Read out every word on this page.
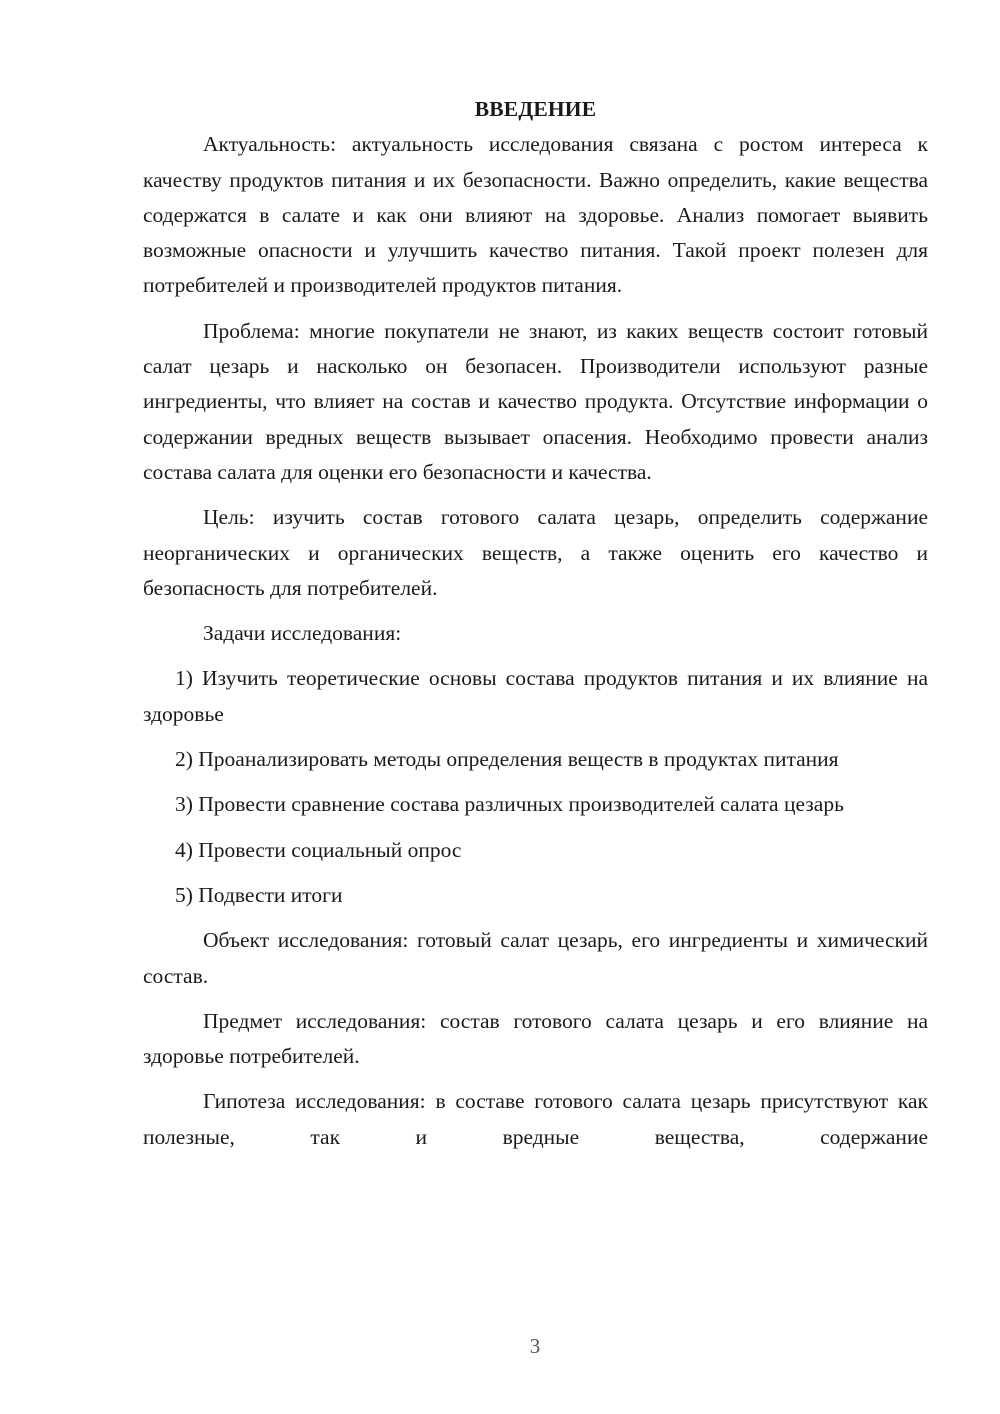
ВВЕДЕНИЕ

Актуальность: актуальность исследования связана с ростом интереса к качеству продуктов питания и их безопасности. Важно определить, какие вещества содержатся в салате и как они влияют на здоровье. Анализ помогает выявить возможные опасности и улучшить качество питания. Такой проект полезен для потребителей и производителей продуктов питания.

Проблема: многие покупатели не знают, из каких веществ состоит готовый салат цезарь и насколько он безопасен. Производители используют разные ингредиенты, что влияет на состав и качество продукта. Отсутствие информации о содержании вредных веществ вызывает опасения. Необходимо провести анализ состава салата для оценки его безопасности и качества.

Цель: изучить состав готового салата цезарь, определить содержание неорганических и органических веществ, а также оценить его качество и безопасность для потребителей.

Задачи исследования:

1) Изучить теоретические основы состава продуктов питания и их влияние на здоровье

2) Проанализировать методы определения веществ в продуктах питания

3) Провести сравнение состава различных производителей салата цезарь

4) Провести социальный опрос

5) Подвести итоги

Объект исследования: готовый салат цезарь, его ингредиенты и химический состав.

Предмет исследования: состав готового салата цезарь и его влияние на здоровье потребителей.

Гипотеза исследования: в составе готового салата цезарь присутствуют как полезные, так и вредные вещества, содержание

3
